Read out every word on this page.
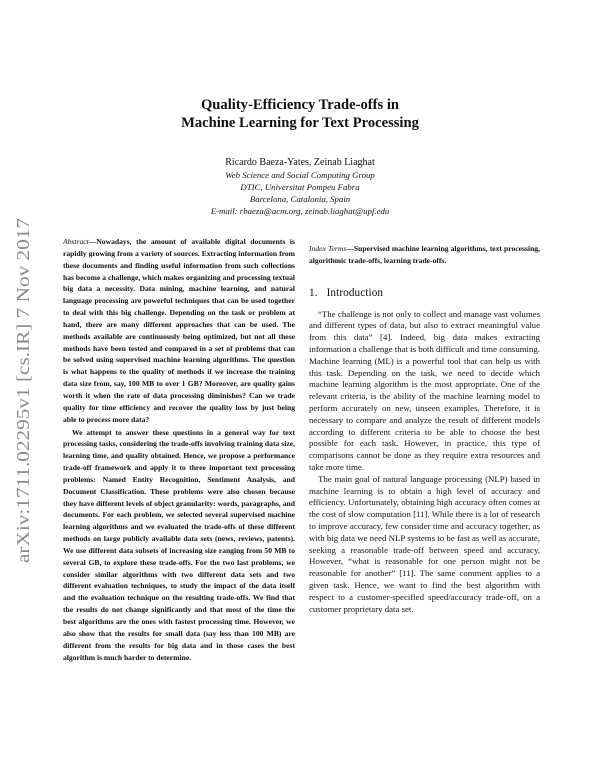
arXiv:1711.02295v1 [cs.IR] 7 Nov 2017
Quality-Efficiency Trade-offs in
Machine Learning for Text Processing
Ricardo Baeza-Yates, Zeinab Liaghat
Web Science and Social Computing Group
DTIC, Universitat Pompeu Fabra
Barcelona, Catalonia, Spain
E-mail: rbaeza@acm.org, zeinab.liaghat@upf.edu

Abstract—Nowadays, the amount of available digital documents is rapidly growing from a variety of sources. Extracting information from these documents and finding useful information from such collections has become a challenge, which makes organizing and processing textual big data a necessity. Data mining, machine learning, and natural language processing are powerful techniques that can be used together to deal with this big challenge. Depending on the task or problem at hand, there are many different approaches that can be used. The methods available are continuously being optimized, but not all these methods have been tested and compared in a set of problems that can be solved using supervised machine learning algorithms. The question is what happens to the quality of methods if we increase the training data size from, say, 100 MB to over 1 GB? Moreover, are quality gains worth it when the rate of data processing diminishes? Can we trade quality for time efficiency and recover the quality loss by just being able to process more data?

We attempt to answer these questions in a general way for text processing tasks, considering the trade-offs involving training data size, learning time, and quality obtained. Hence, we propose a performance trade-off framework and apply it to three important text processing problems: Named Entity Recognition, Sentiment Analysis, and Document Classification. These problems were also chosen because they have different levels of object granularity: words, paragraphs, and documents. For each problem, we selected several supervised machine learning algorithms and we evaluated the trade-offs of these different methods on large publicly available data sets (news, reviews, patents). We use different data subsets of increasing size ranging from 50 MB to several GB, to explore these trade-offs. For the two last problems, we consider similar algorithms with two different data sets and two different evaluation techniques, to study the impact of the data itself and the evaluation technique on the resulting trade-offs. We find that the results do not change significantly and that most of the time the best algorithms are the ones with fastest processing time. However, we also show that the results for small data (say less than 100 MB) are different from the results for big data and in those cases the best algorithm is much harder to determine.

Index Terms—Supervised machine learning algorithms, text processing, algorithmic trade-offs, learning trade-offs.

1. Introduction

“The challenge is not only to collect and manage vast volumes and different types of data, but also to extract meaningful value from this data” [4]. Indeed, big data makes extracting information a challenge that is both difficult and time consuming. Machine learning (ML) is a powerful tool that can help us with this task. Depending on the task, we need to decide which machine learning algorithm is the most appropriate. One of the relevant criteria, is the ability of the machine learning model to perform accurately on new, unseen examples. Therefore, it is necessary to compare and analyze the result of different models according to different criteria to be able to choose the best possible for each task. However, in practice, this type of comparisons cannot be done as they require extra resources and take more time.

The main goal of natural language processing (NLP) based in machine learning is to obtain a high level of accuracy and efficiency. Unfortunately, obtaining high accuracy often comes at the cost of slow computation [11]. While there is a lot of research to improve accuracy, few consider time and accuracy together, as with big data we need NLP systems to be fast as well as accurate, seeking a reasonable trade-off between speed and accuracy. However, “what is reasonable for one person might not be reasonable for another” [11]. The same comment applies to a given task. Hence, we want to find the best algorithm with respect to a customer-specified speed/accuracy trade-off, on a customer proprietary data set.
